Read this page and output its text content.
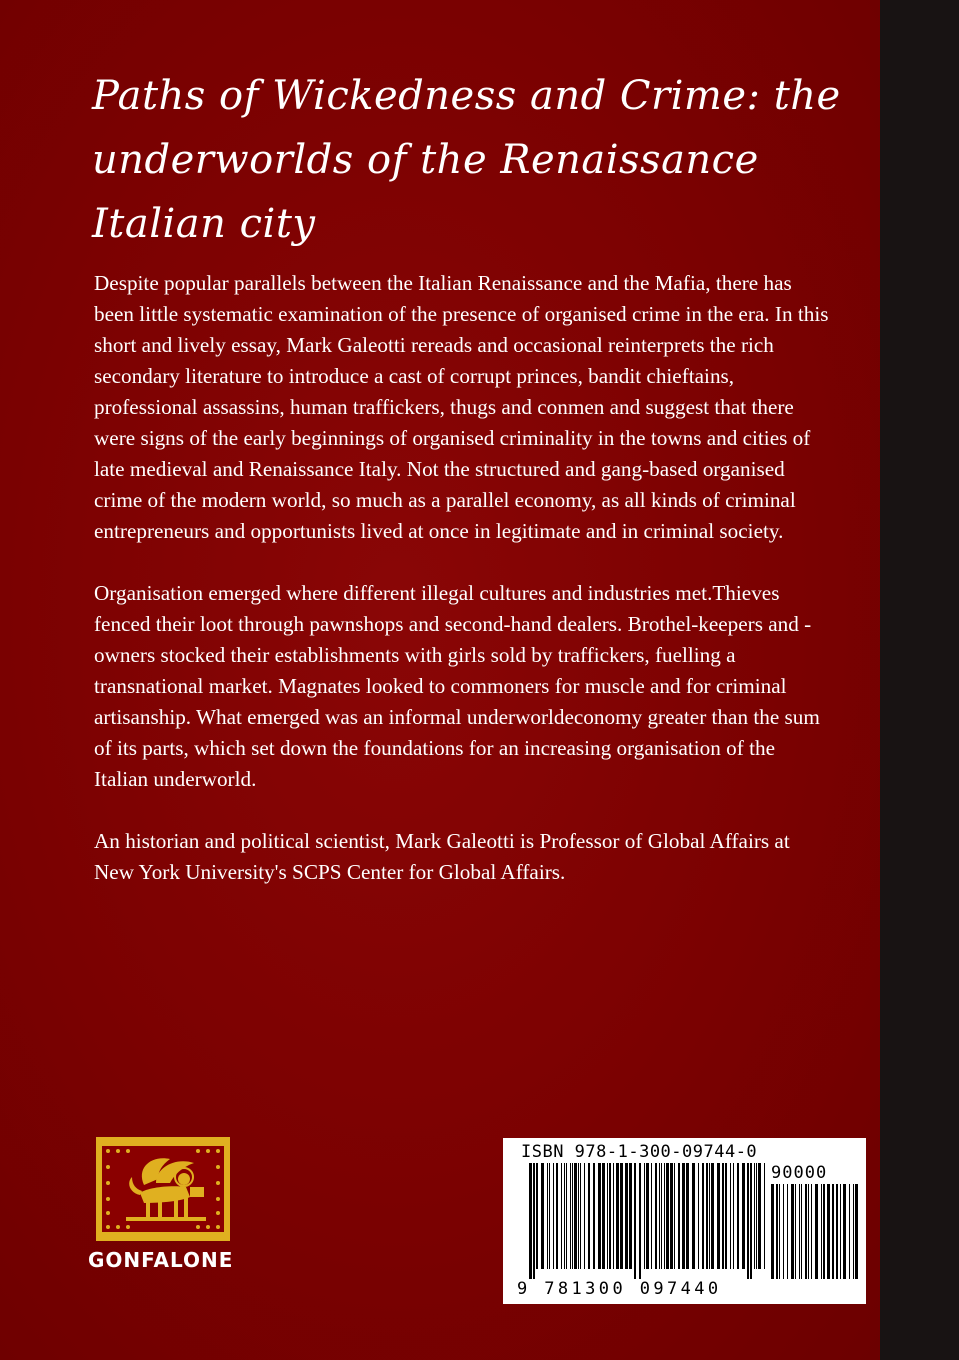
Paths of Wickedness and Crime: the underworlds of the Renaissance Italian city

Despite popular parallels between the Italian Renaissance and the Mafia, there has been little systematic examination of the presence of organised crime in the era. In this short and lively essay, Mark Galeotti rereads and occasional reinterprets the rich secondary literature to introduce a cast of corrupt princes, bandit chieftains, professional assassins, human traffickers, thugs and conmen and suggest that there were signs of the early beginnings of organised criminality in the towns and cities of late medieval and Renaissance Italy. Not the structured and gang-based organised crime of the modern world, so much as a parallel economy, as all kinds of criminal entrepreneurs and opportunists lived at once in legitimate and in criminal society.

Organisation emerged where different illegal cultures and industries met.Thieves fenced their loot through pawnshops and second-hand dealers. Brothel-keepers and -owners stocked their establishments with girls sold by traffickers, fuelling a transnational market. Magnates looked to commoners for muscle and for criminal artisanship. What emerged was an informal underworldeconomy greater than the sum of its parts, which set down the foundations for an increasing organisation of the Italian underworld.

An historian and political scientist, Mark Galeotti is Professor of Global Affairs at New York University's SCPS Center for Global Affairs.

GONFALONE
ISBN 978-1-300-09744-0
90000
9 781300 097440
